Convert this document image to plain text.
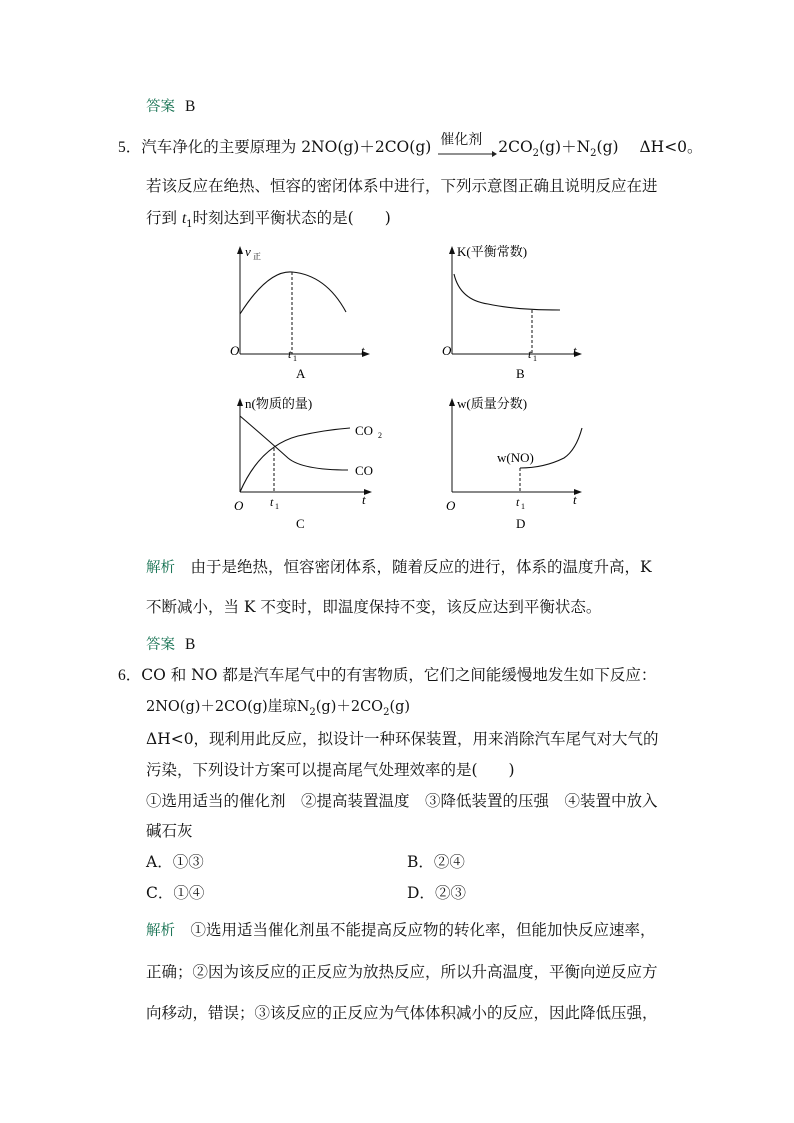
答案 B
5．汽车净化的主要原理为 2NO(g)＋2CO(g) 催化剂 $2CO_2(g)+N_2(g)$ ΔH<0。
若该反应在绝热、恒容的密闭体系中进行，下列示意图正确且说明反应在进
行到 $t_1$时刻达到平衡状态的是(　　)
v 正
O	t 1
t
A
K(平衡常数)
O	t 1
t
B
n(物质的量)
CO 2
CO
O t 1	t
C
w(质量分数)
w(NO)
O	t 1	t
D
解析　 由于是绝热，恒容密闭体系，随着反应的进行，体系的温度升高，K
不断减小，当 K 不变时，即温度保持不变，该反应达到平衡状态。
答案 B
6．CO 和 NO 都是汽车尾气中的有害物质，它们之间能缓慢地发生如下反应：
2NO(g)＋2CO(g)崖琼$N_2(g)+2CO_2(g)$
ΔH<0，现利用此反应，拟设计一种环保装置，用来消除汽车尾气对大气的
污染，下列设计方案可以提高尾气处理效率的是(　　)
①选用适当的催化剂　②提高装置温度　③降低装置的压强　④装置中放入
碱石灰
A．①③	B．②④
C．①④	D．②③
解析　 ①选用适当催化剂虽不能提高反应物的转化率，但能加快反应速率，
正确；②因为该反应的正反应为放热反应，所以升高温度，平衡向逆反应方
向移动，错误；③该反应的正反应为气体体积减小的反应，因此降低压强，
